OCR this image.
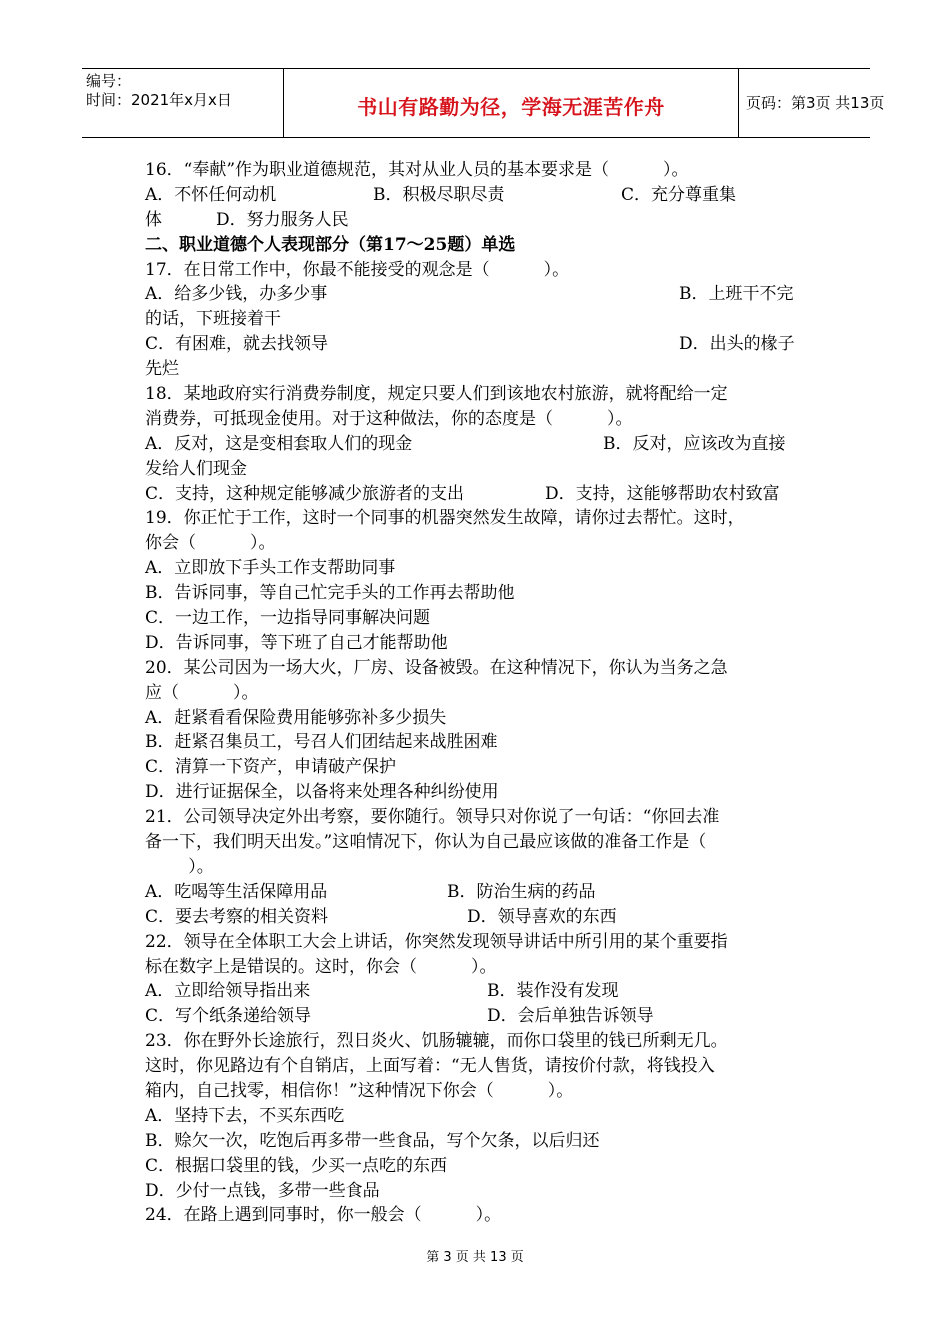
编号：
时间：2021年x月x日	书山有路勤为径，学海无涯苦作舟	页码：第3页 共13页
16．“奉献”作为职业道德规范，其对从业人员的基本要求是（          ）。

A．不怀任何动机

	B．积极尽职尽责

	C．充分尊重集

体          D．努力服务人民
二、职业道德个人表现部分（第17～25题）单选
17．在日常工作中，你最不能接受的观念是（          ）。

A．给多少钱，办多少事

	B．上班干不完

的话，下班接着干

C．有困难，就去找领导

	D．出头的椽子

先烂
18．某地政府实行消费券制度，规定只要人们到该地农村旅游，就将配给一定
消费券，可抵现金使用。对于这种做法，你的态度是（          ）。

A．反对，这是变相套取人们的现金

	B．反对，应该改为直接

发给人们现金

C．支持，这种规定能够减少旅游者的支出

	D．支持，这能够帮助农村致富

19．你正忙于工作，这时一个同事的机器突然发生故障，请你过去帮忙。这时，
你会（          ）。
A．立即放下手头工作支帮助同事
B．告诉同事，等自己忙完手头的工作再去帮助他
C．一边工作，一边指导同事解决问题
D．告诉同事，等下班了自己才能帮助他
20．某公司因为一场大火，厂房、设备被毁。在这种情况下，你认为当务之急
应（          ）。
A．赶紧看看保险费用能够弥补多少损失
B．赶紧召集员工，号召人们团结起来战胜困难
C．清算一下资产，申请破产保护
D．进行证据保全，以备将来处理各种纠纷使用
21．公司领导决定外出考察，要你随行。领导只对你说了一句话：“你回去准
备一下，我们明天出发。”这咱情况下，你认为自己最应该做的准备工作是（
）。

A．吃喝等生活保障用品

	B．防治生病的药品

C．要去考察的相关资料

	D．领导喜欢的东西

22．领导在全体职工大会上讲话，你突然发现领导讲话中所引用的某个重要指
标在数字上是错误的。这时，你会（          ）。

A．立即给领导指出来

	B．装作没有发现

C．写个纸条递给领导

	D．会后单独告诉领导

23．你在野外长途旅行，烈日炎火、饥肠辘辘，而你口袋里的钱已所剩无几。
这时，你见路边有个自销店，上面写着：“无人售货，请按价付款，将钱投入
箱内，自己找零，相信你！”这种情况下你会（          ）。
A．坚持下去，不买东西吃
B．赊欠一次，吃饱后再多带一些食品，写个欠条，以后归还
C．根据口袋里的钱，少买一点吃的东西
D．少付一点钱，多带一些食品
24．在路上遇到同事时，你一般会（          ）。
第 3 页 共 13 页
